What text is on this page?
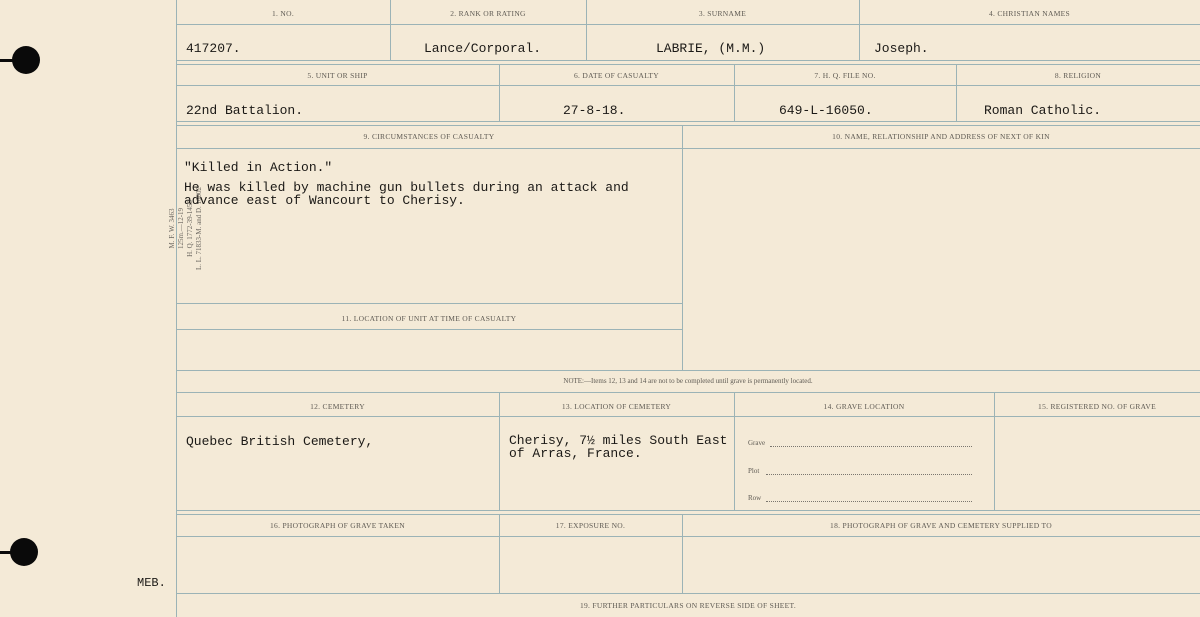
M. F. W. 3463 125m.—12-19 H. Q. 1772-39-1458 L. L. 71833-M. and D. 16002
MEB.
1. NO.
417207.
2. RANK OR RATING
Lance/Corporal.
3. SURNAME
LABRIE, (M.M.)
4. CHRISTIAN NAMES
Joseph.
5. UNIT OR SHIP
22nd Battalion.
6. DATE OF CASUALTY
27-8-18.
7. H. Q. FILE NO.
649-L-16050.
8. RELIGION
Roman Catholic.
9. CIRCUMSTANCES OF CASUALTY
"Killed in Action."
He was killed by machine gun bullets during an attack and
advance east of Wancourt to Cherisy.
10. NAME, RELATIONSHIP AND ADDRESS OF NEXT OF KIN
11. LOCATION OF UNIT AT TIME OF CASUALTY
NOTE:—Items 12, 13 and 14 are not to be completed until grave is permanently located.
12. CEMETERY
Quebec British Cemetery,
13. LOCATION OF CEMETERY
Cherisy, 7½ miles South East
of Arras, France.
14. GRAVE LOCATION
Grave
Plot
Row
15. REGISTERED NO. OF GRAVE
16. PHOTOGRAPH OF GRAVE TAKEN	17. EXPOSURE NO.	18. PHOTOGRAPH OF GRAVE AND CEMETERY SUPPLIED TO
19. FURTHER PARTICULARS ON REVERSE SIDE OF SHEET.
